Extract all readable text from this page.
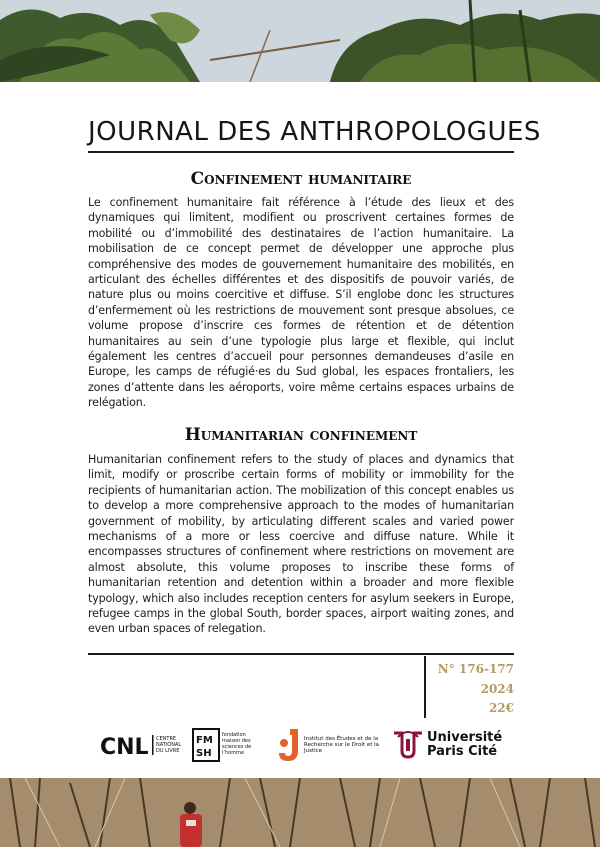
JOURNAL DES ANTHROPOLOGUES
Confinement humanitaire
Le confinement humanitaire fait référence à l’étude des lieux et des dynamiques qui limitent, modifient ou proscrivent certaines formes de mobilité ou d’immobilité des destinataires de l’action humanitaire. La mobilisation de ce concept permet de développer une approche plus compréhensive des modes de gouvernement humanitaire des mobilités, en articulant des échelles différentes et des dispositifs de pouvoir variés, de nature plus ou moins coercitive et diffuse. S’il englobe donc les structures d’enfermement où les restrictions de mouvement sont presque absolues, ce volume propose d’inscrire ces formes de rétention et de détention humanitaires au sein d’une typologie plus large et flexible, qui inclut également les centres d’accueil pour personnes demandeuses d’asile en Europe, les camps de réfugié·es du Sud global, les espaces frontaliers, les zones d’attente dans les aéroports, voire même certains espaces urbains de relégation.
Humanitarian confinement
Humanitarian confinement refers to the study of places and dynamics that limit, modify or proscribe certain forms of mobility or immobility for the recipients of humanitarian action. The mobilization of this concept enables us to develop a more comprehensive approach to the modes of humanitarian government of mobility, by articulating different scales and varied power mechanisms of a more or less coercive and diffuse nature. While it encompasses structures of confinement where restrictions on movement are almost absolute, this volume proposes to inscribe these forms of humanitarian retention and detention within a broader and more flexible typology, which also includes reception centers for asylum seekers in Europe, refugee camps in the global South, border spaces, airport waiting zones, and even urban spaces of relegation.
N° 176-177
2024
22€
CNL CENTRE NATIONAL DU LIVRE
FM
SH
fondation maison des sciences de l’homme
Institut des Études et de la Recherche sur le Droit et la Justice
Université
Paris Cité
